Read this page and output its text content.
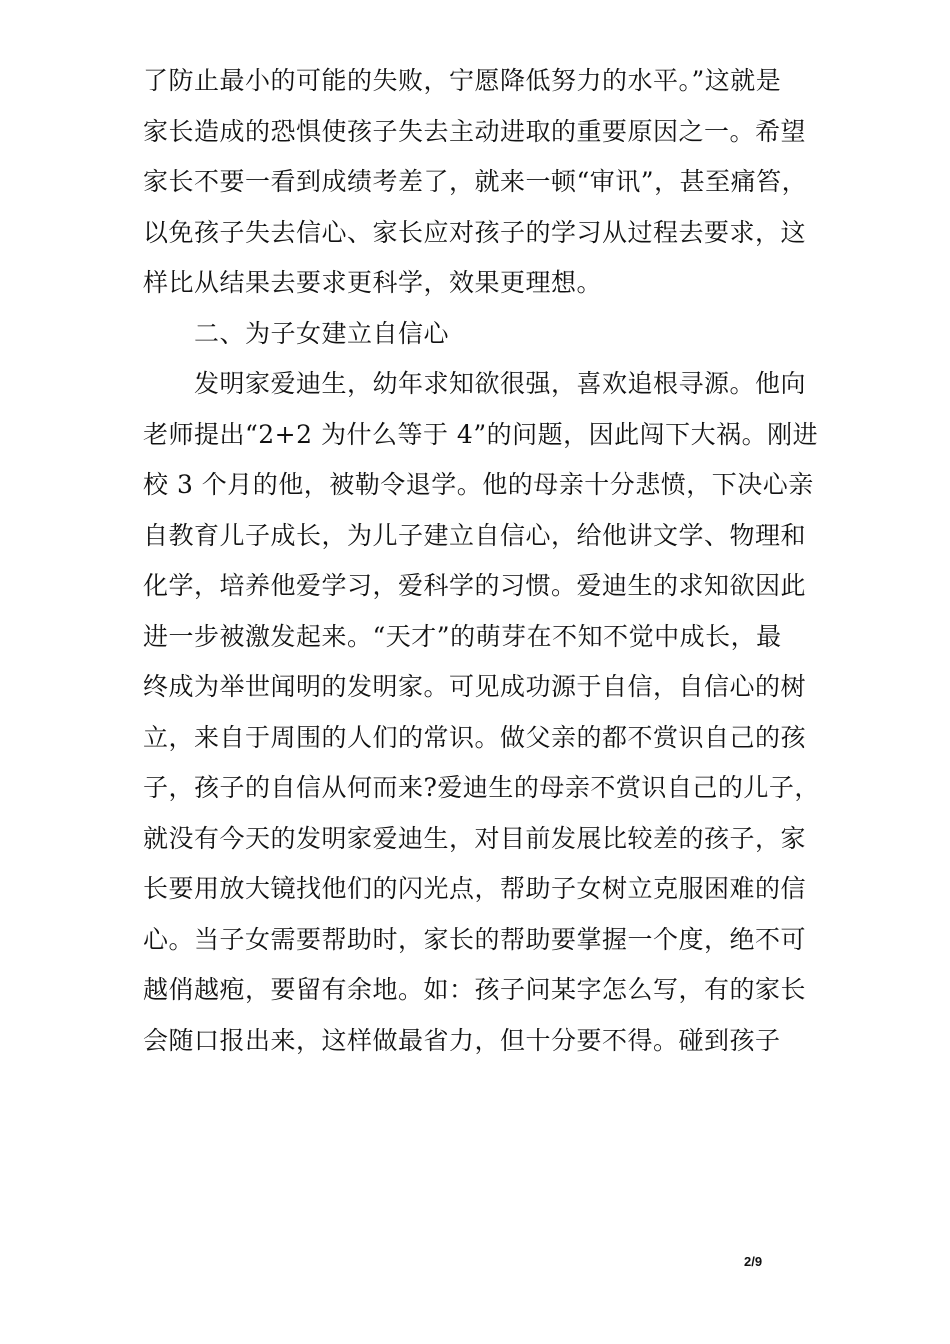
了防止最小的可能的失败，宁愿降低努力的水平。”这就是
家长造成的恐惧使孩子失去主动进取的重要原因之一。希望
家长不要一看到成绩考差了，就来一顿“审讯”，甚至痛笞，
以免孩子失去信心、家长应对孩子的学习从过程去要求，这
样比从结果去要求更科学，效果更理想。
　　二、为子女建立自信心
　　发明家爱迪生，幼年求知欲很强，喜欢追根寻源。他向
老师提出“2+2 为什么等于 4”的问题，因此闯下大祸。刚进
校 3 个月的他，被勒令退学。他的母亲十分悲愤，下决心亲
自教育儿子成长，为儿子建立自信心，给他讲文学、物理和
化学，培养他爱学习，爱科学的习惯。爱迪生的求知欲因此
进一步被激发起来。“天才”的萌芽在不知不觉中成长，最
终成为举世闻明的发明家。可见成功源于自信，自信心的树
立，来自于周围的人们的常识。做父亲的都不赏识自己的孩
子，孩子的自信从何而来?爱迪生的母亲不赏识自己的儿子，
就没有今天的发明家爱迪生，对目前发展比较差的孩子，家
长要用放大镜找他们的闪光点，帮助子女树立克服困难的信
心。当子女需要帮助时，家长的帮助要掌握一个度，绝不可
越俏越疱，要留有余地。如：孩子问某字怎么写，有的家长
会随口报出来，这样做最省力，但十分要不得。碰到孩子
2/9
